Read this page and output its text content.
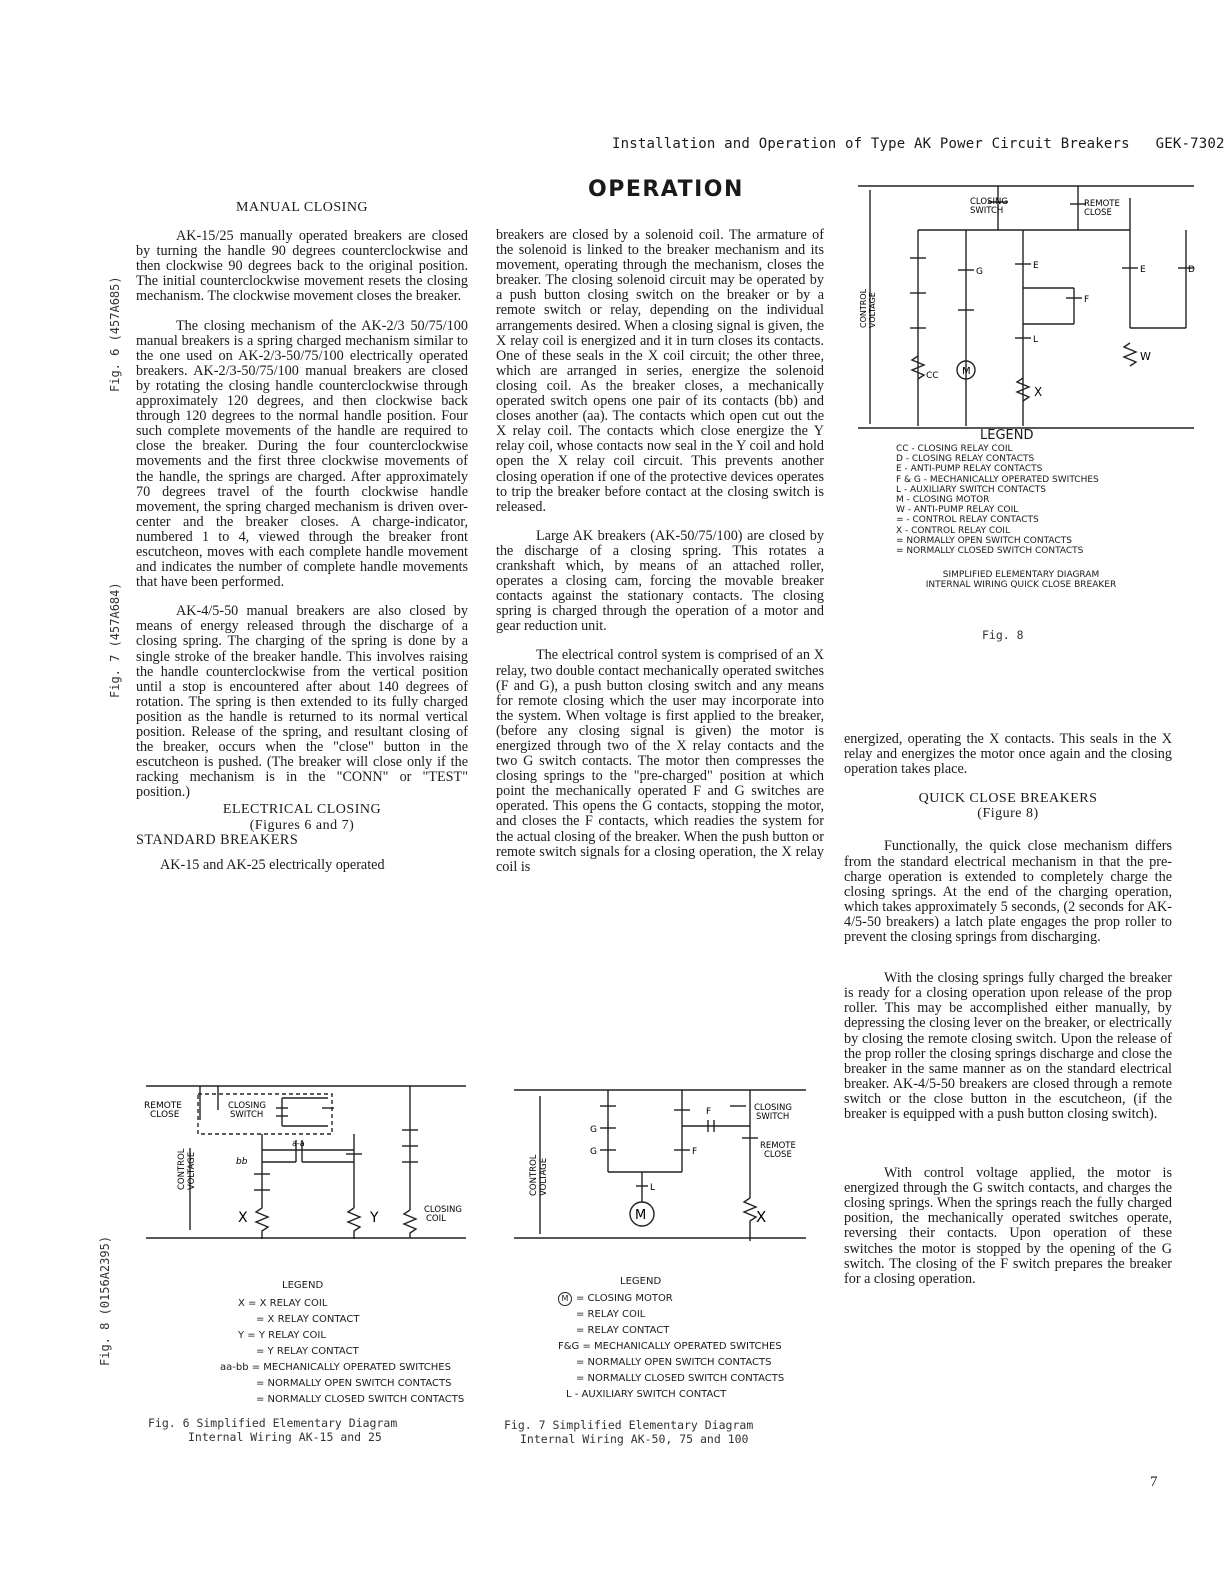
Installation and Operation of Type AK Power Circuit Breakers GEK-7302
Fig. 6 (457A685)
Fig. 7 (457A684)
Fig. 8 (0156A2395)
OPERATION

MANUAL CLOSING

AK-15/25 manually operated breakers are closed by turning the handle 90 degrees counterclockwise and then clockwise 90 degrees back to the original position. The initial counterclockwise movement resets the closing mechanism. The clockwise movement closes the breaker.

The closing mechanism of the AK-2/3 50/75/100 manual breakers is a spring charged mechanism similar to the one used on AK-2/3-50/75/100 electrically operated breakers. AK-2/3-50/75/100 manual breakers are closed by rotating the closing handle counterclockwise through approximately 120 degrees, and then clockwise back through 120 degrees to the normal handle position. Four such complete movements of the handle are required to close the breaker. During the four counterclockwise movements and the first three clockwise movements of the handle, the springs are charged. After approximately 70 degrees travel of the fourth clockwise handle movement, the spring charged mechanism is driven over-center and the breaker closes. A charge-indicator, numbered 1 to 4, viewed through the breaker front escutcheon, moves with each complete handle movement and indicates the number of complete handle movements that have been performed.

AK-4/5-50 manual breakers are also closed by means of energy released through the discharge of a closing spring. The charging of the spring is done by a single stroke of the breaker handle. This involves raising the handle counterclockwise from the vertical position until a stop is encountered after about 140 degrees of rotation. The spring is then extended to its fully charged position as the handle is returned to its normal vertical position. Release of the spring, and resultant closing of the breaker, occurs when the "close" button in the escutcheon is pushed. (The breaker will close only if the racking mechanism is in the "CONN" or "TEST" position.)

ELECTRICAL CLOSING

(Figures 6 and 7)

STANDARD BREAKERS

AK-15 and AK-25 electrically operated

breakers are closed by a solenoid coil. The armature of the solenoid is linked to the breaker mechanism and its movement, operating through the mechanism, closes the breaker. The closing solenoid circuit may be operated by a push button closing switch on the breaker or by a remote switch or relay, depending on the individual arrangements desired. When a closing signal is given, the X relay coil is energized and it in turn closes its contacts. One of these seals in the X coil circuit; the other three, which are arranged in series, energize the solenoid closing coil. As the breaker closes, a mechanically operated switch opens one pair of its contacts (bb) and closes another (aa). The contacts which open cut out the X relay coil. The contacts which close energize the Y relay coil, whose contacts now seal in the Y coil and hold open the X relay coil circuit. This prevents another closing operation if one of the protective devices operates to trip the breaker before contact at the closing switch is released.

Large AK breakers (AK-50/75/100) are closed by the discharge of a closing spring. This rotates a crankshaft which, by means of an attached roller, operates a closing cam, forcing the movable breaker contacts against the stationary contacts. The closing spring is charged through the operation of a motor and gear reduction unit.

The electrical control system is comprised of an X relay, two double contact mechanically operated switches (F and G), a push button closing switch and any means for remote closing which the user may incorporate into the system. When voltage is first applied to the breaker, (before any closing signal is given) the motor is energized through two of the X relay contacts and the two G switch contacts. The motor then compresses the closing springs to the "pre-charged" position at which point the mechanically operated F and G switches are operated. This opens the G contacts, stopping the motor, and closes the F contacts, which readies the system for the actual closing of the breaker. When the push button or remote switch signals for a closing operation, the X relay coil is

energized, operating the X contacts. This seals in the X relay and energizes the motor once again and the closing operation takes place.

QUICK CLOSE BREAKERS

(Figure 8)

Functionally, the quick close mechanism differs from the standard electrical mechanism in that the pre-charge operation is extended to completely charge the closing springs. At the end of the charging operation, which takes approximately 5 seconds, (2 seconds for AK-4/5-50 breakers) a latch plate engages the prop roller to prevent the closing springs from discharging.

With the closing springs fully charged the breaker is ready for a closing operation upon release of the prop roller. This may be accomplished either manually, by depressing the closing lever on the breaker, or electrically by closing the remote closing switch. Upon the release of the prop roller the closing springs discharge and close the breaker in the same manner as on the standard electrical breaker. AK-4/5-50 breakers are closed through a remote switch or the close button in the escutcheon, (if the breaker is equipped with a push button closing switch).

With control voltage applied, the motor is energized through the G switch contacts, and charges the closing springs. When the springs reach the fully charged position, the mechanically operated switches operate, reversing their contacts. Upon operation of these switches the motor is stopped by the opening of the G switch. The closing of the F switch prepares the breaker for a closing operation.

CLOSING
SWITCH
REMOTE
CLOSE
CONTROL VOLTAGE
CC
G
E
F
L
E	D
W
X
M
LEGEND
CC - CLOSING RELAY COIL
D - CLOSING RELAY CONTACTS
E - ANTI-PUMP RELAY CONTACTS
F & G - MECHANICALLY OPERATED SWITCHES
L - AUXILIARY SWITCH CONTACTS
M - CLOSING MOTOR
W - ANTI-PUMP RELAY COIL
= - CONTROL RELAY CONTACTS
X - CONTROL RELAY COIL
= NORMALLY OPEN SWITCH CONTACTS
= NORMALLY CLOSED SWITCH CONTACTS
SIMPLIFIED ELEMENTARY DIAGRAM
INTERNAL WIRING QUICK CLOSE BREAKER
Fig. 8
REMOTE
CLOSE
CLOSING
SWITCH
CONTROL VOLTAGE
CLOSING
COIL
X	Y
a-a
bb
LEGEND
X = X RELAY COIL
= X RELAY CONTACT
Y = Y RELAY COIL
= Y RELAY CONTACT
aa-bb = MECHANICALLY OPERATED SWITCHES
= NORMALLY OPEN SWITCH CONTACTS
= NORMALLY CLOSED SWITCH CONTACTS
Fig. 6 Simplified Elementary Diagram
Internal Wiring AK-15 and 25
CONTROL VOLTAGE
CLOSING
SWITCH
REMOTE
CLOSE
X
M
L
F
F
G
G
LEGEND
M = CLOSING MOTOR
= RELAY COIL
= RELAY CONTACT
F&G = MECHANICALLY OPERATED SWITCHES
= NORMALLY OPEN SWITCH CONTACTS
= NORMALLY CLOSED SWITCH CONTACTS
L - AUXILIARY SWITCH CONTACT
Fig. 7 Simplified Elementary Diagram
Internal Wiring AK-50, 75 and 100
7
